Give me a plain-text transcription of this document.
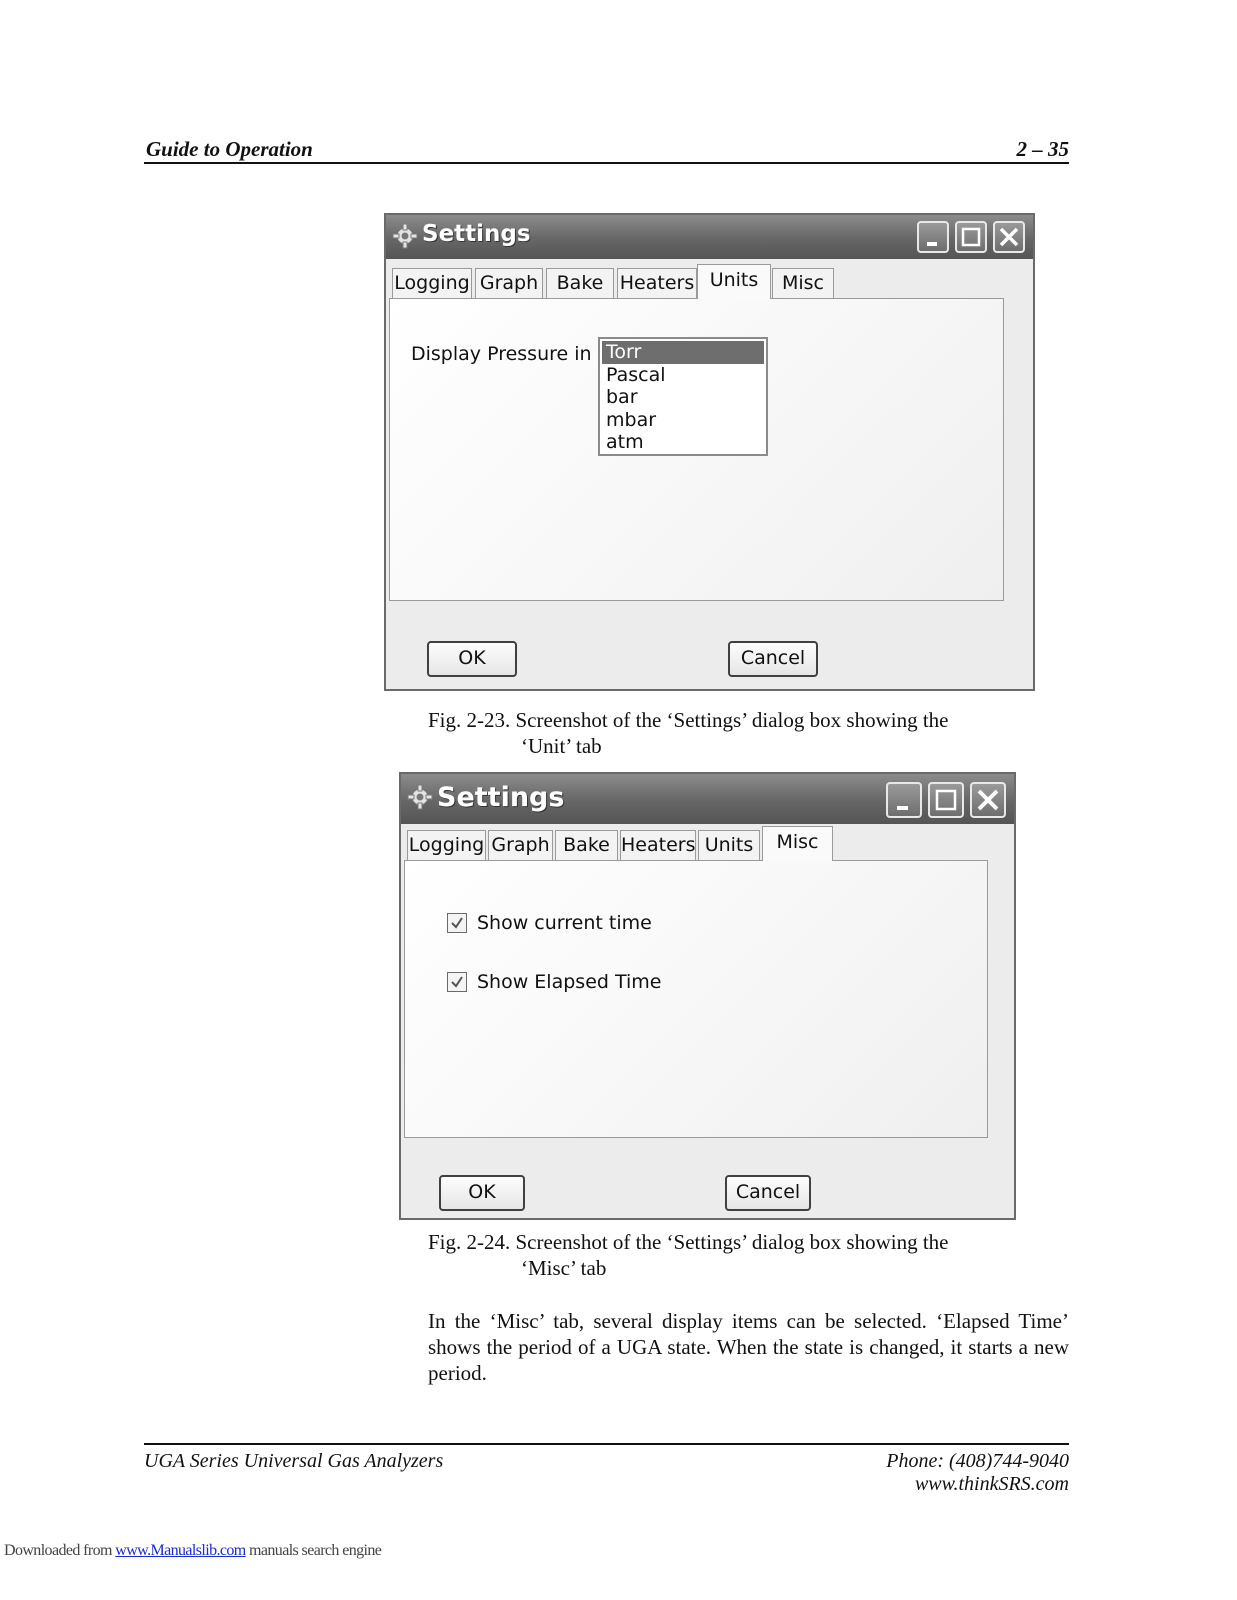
Guide to Operation	2 – 35
Settings
Logging Graph Bake Heaters Units	Misc
Display Pressure in Torr
Pascal
bar
mbar
atm
OK	Cancel
Fig. 2-23. Screenshot of the ‘Settings’ dialog box showing the
‘Unit’ tab
Settings
Logging Graph Bake Heaters Units	Misc
Show current time
Show Elapsed Time
OK	Cancel
Fig. 2-24. Screenshot of the ‘Settings’ dialog box showing the
‘Misc’ tab
In the ‘Misc’ tab, several display items can be selected. ‘Elapsed Time’ shows the period of a UGA state. When the state is changed, it starts a new period.
UGA Series Universal Gas Analyzers	Phone: (408)744-9040
www.thinkSRS.com
Downloaded from www.Manualslib.com manuals search engine
